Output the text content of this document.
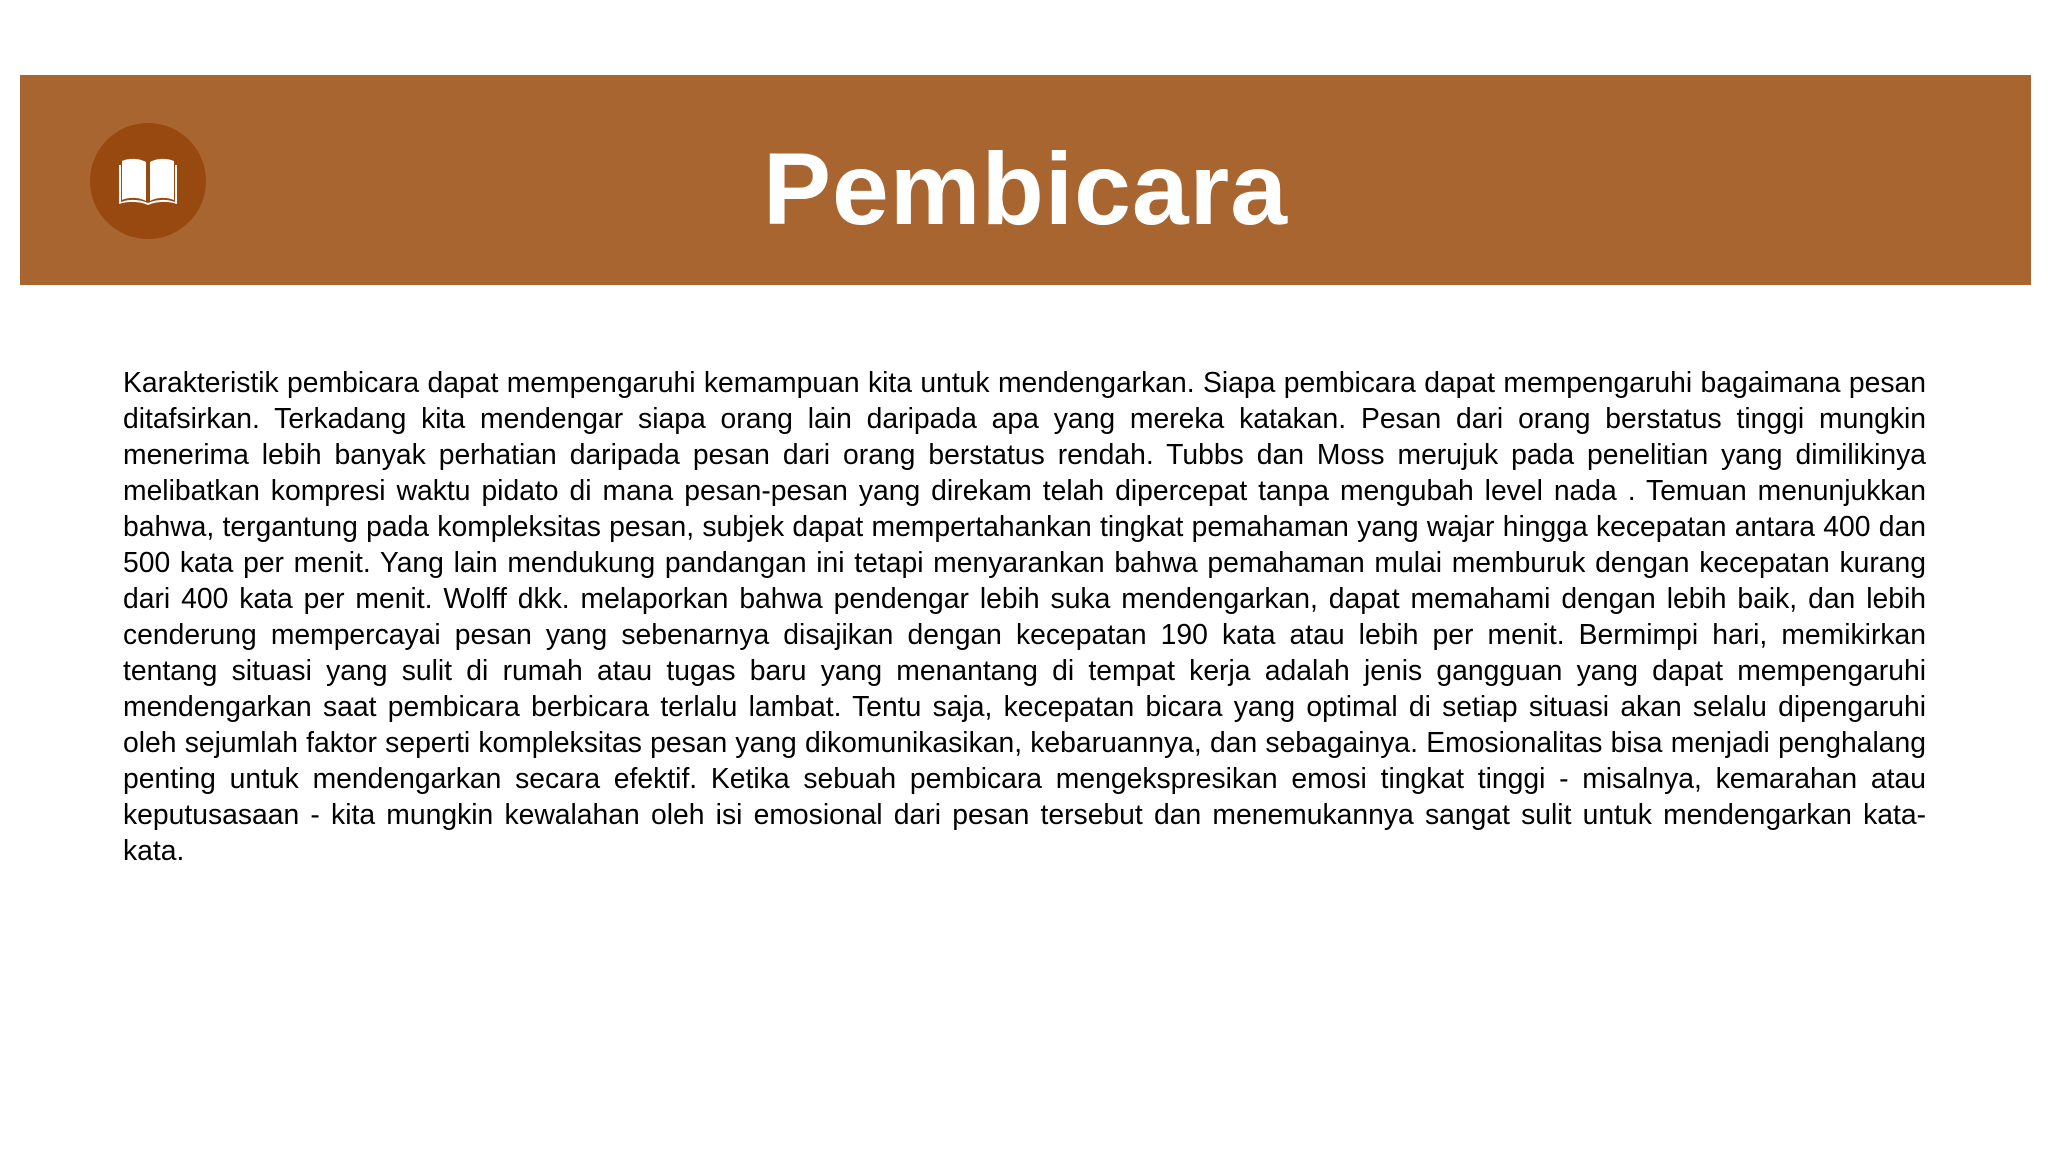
Pembicara

Karakteristik pembicara dapat mempengaruhi kemampuan kita untuk mendengarkan. Siapa pembicara dapat mempengaruhi bagaimana pesan ditafsirkan. Terkadang kita mendengar siapa orang lain daripada apa yang mereka katakan. Pesan dari orang berstatus tinggi mungkin menerima lebih banyak perhatian daripada pesan dari orang berstatus rendah. Tubbs dan Moss merujuk pada penelitian yang dimilikinya melibatkan kompresi waktu pidato di mana pesan-pesan yang direkam telah dipercepat tanpa mengubah level nada . Temuan menunjukkan bahwa, tergantung pada kompleksitas pesan, subjek dapat mempertahankan tingkat pemahaman yang wajar hingga kecepatan antara 400 dan 500 kata per menit. Yang lain mendukung pandangan ini tetapi menyarankan bahwa pemahaman mulai memburuk dengan kecepatan kurang dari 400 kata per menit. Wolff dkk. melaporkan bahwa pendengar lebih suka mendengarkan, dapat memahami dengan lebih baik, dan lebih cenderung mempercayai pesan yang sebenarnya disajikan dengan kecepatan 190 kata atau lebih per menit. Bermimpi hari, memikirkan tentang situasi yang sulit di rumah atau tugas baru yang menantang di tempat kerja adalah jenis gangguan yang dapat mempengaruhi mendengarkan saat pembicara berbicara terlalu lambat. Tentu saja, kecepatan bicara yang optimal di setiap situasi akan selalu dipengaruhi oleh sejumlah faktor seperti kompleksitas pesan yang dikomunikasikan, kebaruannya, dan sebagainya. Emosionalitas bisa menjadi penghalang penting untuk mendengarkan secara efektif. Ketika sebuah pembicara mengekspresikan emosi tingkat tinggi - misalnya, kemarahan atau keputusasaan - kita mungkin kewalahan oleh isi emosional dari pesan tersebut dan menemukannya sangat sulit untuk mendengarkan kata-kata.
